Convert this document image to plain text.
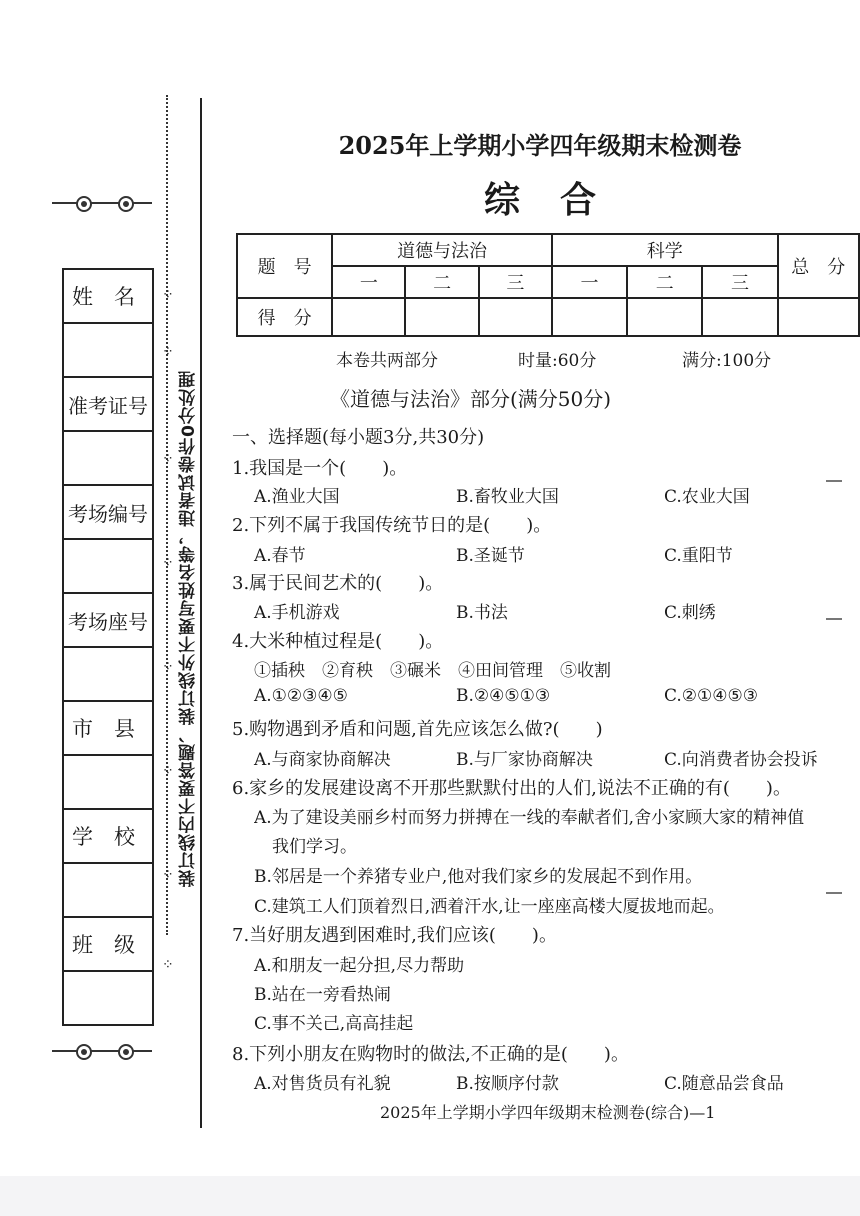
装订线内不要答题、装订线外不要写姓名等，违者试卷作0分处理
姓　名
准考证号
考场编号
考场座号
市　县
学　校
班　级
⁘
⁘
⁘
⁘
⁘
⁘
⁘
⁘
2025年上学期小学四年级期末检测卷
综合
题　号	道德与法治			科学			总　分
	一	二	三	一	二	三	
得　分							
本卷共两部分	时量:60分	满分:100分
《道德与法治》部分(满分50分)
一、选择题(每小题3分,共30分)
1.我国是一个(　　)。
A.渔业大国	B.畜牧业大国	C.农业大国
2.下列不属于我国传统节日的是(　　)。
A.春节	B.圣诞节	C.重阳节
3.属于民间艺术的(　　)。
A.手机游戏	B.书法	C.刺绣
4.大米种植过程是(　　)。
①插秧　②育秧　③碾米　④田间管理　⑤收割
A.①②③④⑤	B.②④⑤①③	C.②①④⑤③
5.购物遇到矛盾和问题,首先应该怎么做?(　　)
A.与商家协商解决	B.与厂家协商解决	C.向消费者协会投诉
6.家乡的发展建设离不开那些默默付出的人们,说法不正确的有(　　)。
A.为了建设美丽乡村而努力拼搏在一线的奉献者们,舍小家顾大家的精神值
我们学习。
B.邻居是一个养猪专业户,他对我们家乡的发展起不到作用。
C.建筑工人们顶着烈日,洒着汗水,让一座座高楼大厦拔地而起。
7.当好朋友遇到困难时,我们应该(　　)。
A.和朋友一起分担,尽力帮助
B.站在一旁看热闹
C.事不关己,高高挂起
8.下列小朋友在购物时的做法,不正确的是(　　)。
A.对售货员有礼貌	B.按顺序付款	C.随意品尝食品
2025年上学期小学四年级期末检测卷(综合)—1
